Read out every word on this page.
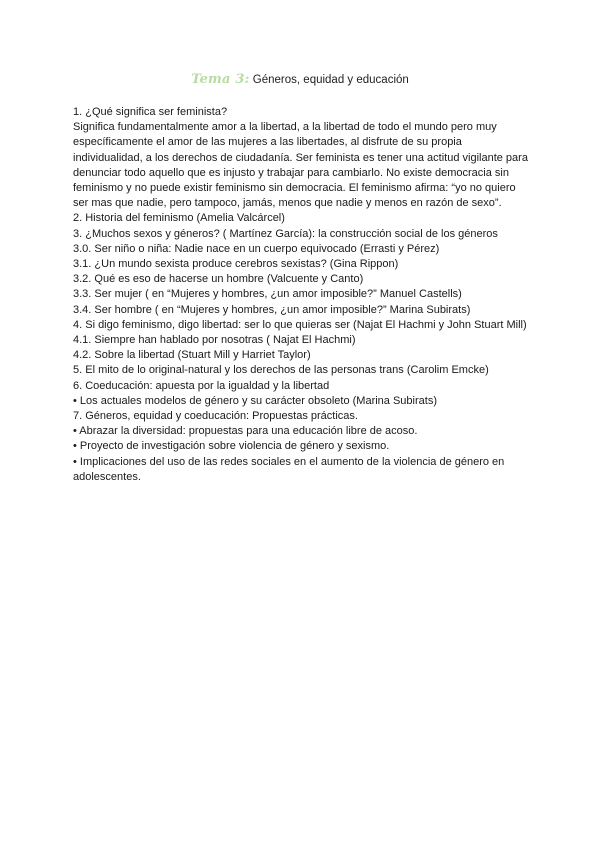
Tema 3: Géneros, equidad y educación

1. ¿Qué significa ser feminista?

Significa fundamentalmente amor a la libertad, a la libertad de todo el mundo pero muy específicamente el amor de las mujeres a las libertades, al disfrute de su propia individualidad, a los derechos de ciudadanía. Ser feminista es tener una actitud vigilante para denunciar todo aquello que es injusto y trabajar para cambiarlo. No existe democracia sin feminismo y no puede existir feminismo sin democracia. El feminismo afirma: “yo no quiero ser mas que nadie, pero tampoco, jamás, menos que nadie y menos en razón de sexo”.

2. Historia del feminismo (Amelia Valcárcel)

3. ¿Muchos sexos y géneros? ( Martínez García): la construcción social de los géneros

3.0. Ser niño o niña: Nadie nace en un cuerpo equivocado (Errasti y Pérez)

3.1. ¿Un mundo sexista produce cerebros sexistas? (Gina Rippon)

3.2. Qué es eso de hacerse un hombre (Valcuente y Canto)

3.3. Ser mujer ( en “Mujeres y hombres, ¿un amor imposible?” Manuel Castells)

3.4. Ser hombre ( en “Mujeres y hombres, ¿un amor imposible?” Marina Subirats)

4. Si digo feminismo, digo libertad: ser lo que quieras ser (Najat El Hachmi y John Stuart Mill)

4.1. Siempre han hablado por nosotras ( Najat El Hachmi)

4.2. Sobre la libertad (Stuart Mill y Harriet Taylor)

5. El mito de lo original-natural y los derechos de las personas trans (Carolim Emcke)

6. Coeducación: apuesta por la igualdad y la libertad

• Los actuales modelos de género y su carácter obsoleto (Marina Subirats)

7. Géneros, equidad y coeducación: Propuestas prácticas.

• Abrazar la diversidad: propuestas para una educación libre de acoso.

• Proyecto de investigación sobre violencia de género y sexismo.

• Implicaciones del uso de las redes sociales en el aumento de la violencia de género en adolescentes.
